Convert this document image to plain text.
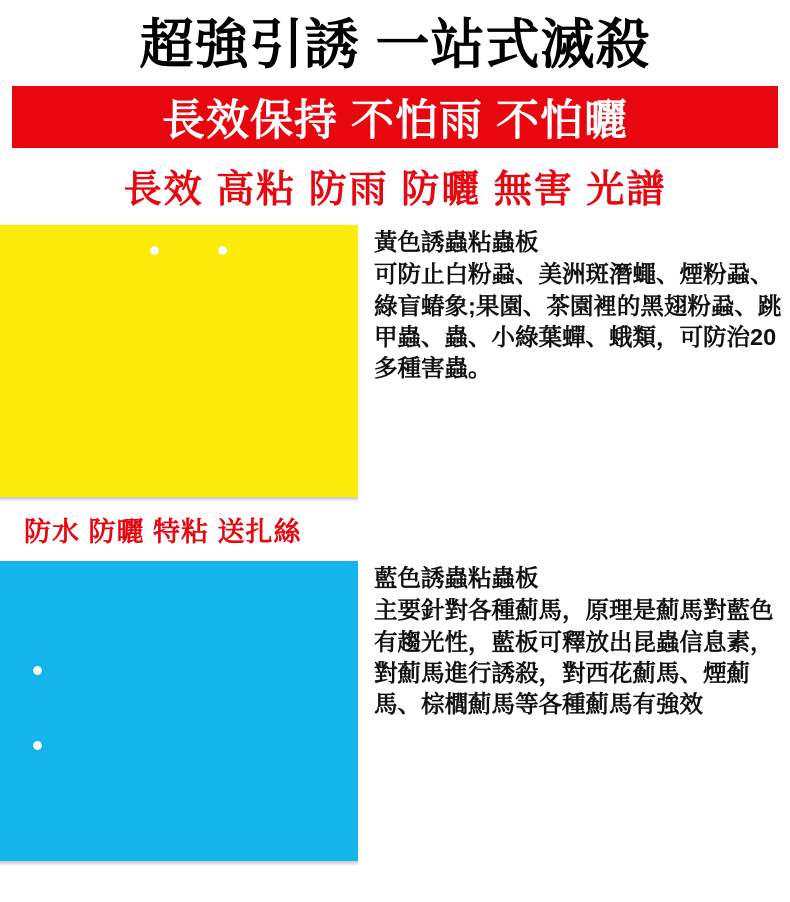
超強引誘 一站式滅殺
長效保持 不怕雨 不怕曬
長效 高粘 防雨 防曬 無害 光譜
黃色誘蟲粘蟲板
可防止白粉蝨、美洲斑潛蠅、煙粉蝨、綠盲蝽象;果園、茶園裡的黑翅粉蝨、跳甲蟲、蟲、小綠葉蟬、蛾類，可防治20多種害蟲。
防水 防曬 特粘 送扎絲
藍色誘蟲粘蟲板
主要針對各種薊馬，原理是薊馬對藍色有趨光性，藍板可釋放出昆蟲信息素，對薊馬進行誘殺，對西花薊馬、煙薊馬、棕櫚薊馬等各種薊馬有強效
